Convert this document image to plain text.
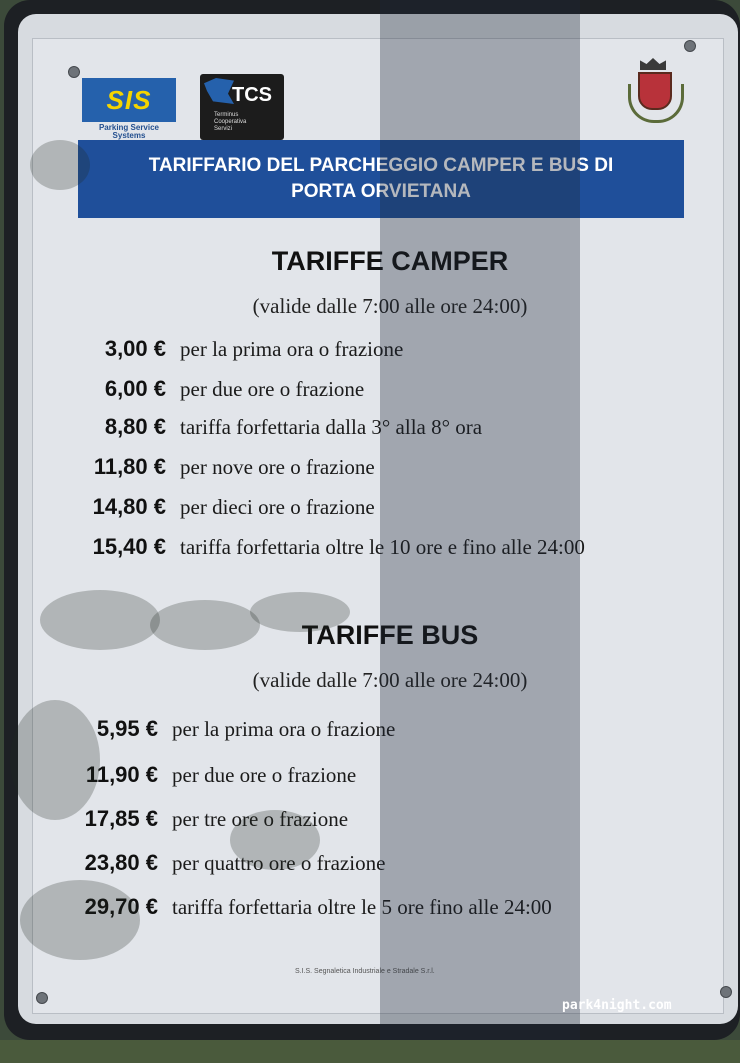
SIS
Parking Service
Systems
TCS
Terminus
Cooperativa
Servizi
TARIFFARIO DEL PARCHEGGIO CAMPER E BUS DI
PORTA ORVIETANA
TARIFFE CAMPER
(valide dalle 7:00 alle ore 24:00)
3,00 € per la prima ora o frazione
6,00 € per due ore o frazione
8,80 € tariffa forfettaria dalla 3° alla 8° ora
11,80 € per nove ore o frazione
14,80 € per dieci ore o frazione
15,40 € tariffa forfettaria oltre le 10 ore e fino alle 24:00
TARIFFE BUS
(valide dalle 7:00 alle ore 24:00)
5,95 € per la prima ora o frazione
11,90 € per due ore o frazione
17,85 € per tre ore o frazione
23,80 € per quattro ore o frazione
29,70 € tariffa forfettaria oltre le 5 ore fino alle 24:00
S.I.S. Segnaletica Industriale e Stradale S.r.l.
park4night.com
